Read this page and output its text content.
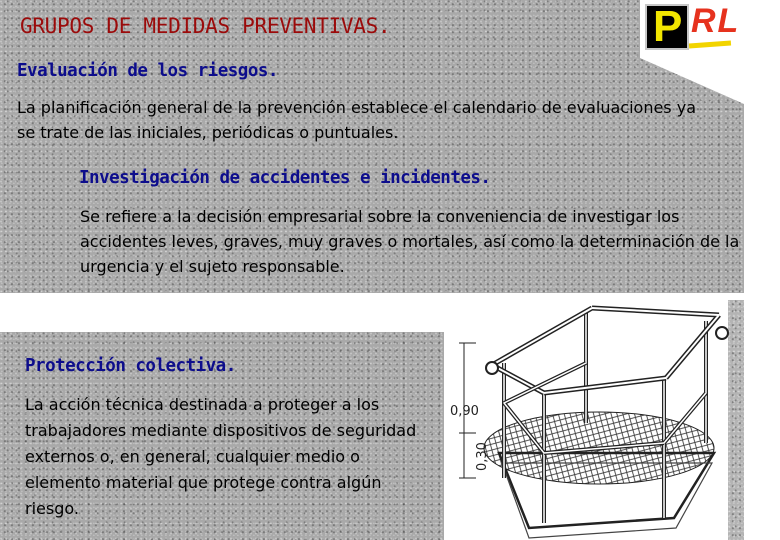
GRUPOS DE MEDIDAS PREVENTIVAS.	P RL
Evaluación de los riesgos.

La planificación general de la prevención establece el calendario de evaluaciones ya se trate de las iniciales, periódicas o puntuales.

Investigación de accidentes e incidentes.

Se refiere a la decisión empresarial sobre la conveniencia de investigar los accidentes leves, graves, muy graves o mortales, así como la determinación de la urgencia y el sujeto responsable.

Protección colectiva.

La acción técnica destinada a proteger a los trabajadores mediante dispositivos de seguridad externos o, en general, cualquier medio o elemento material que protege contra algún riesgo.

0,90
0,30
